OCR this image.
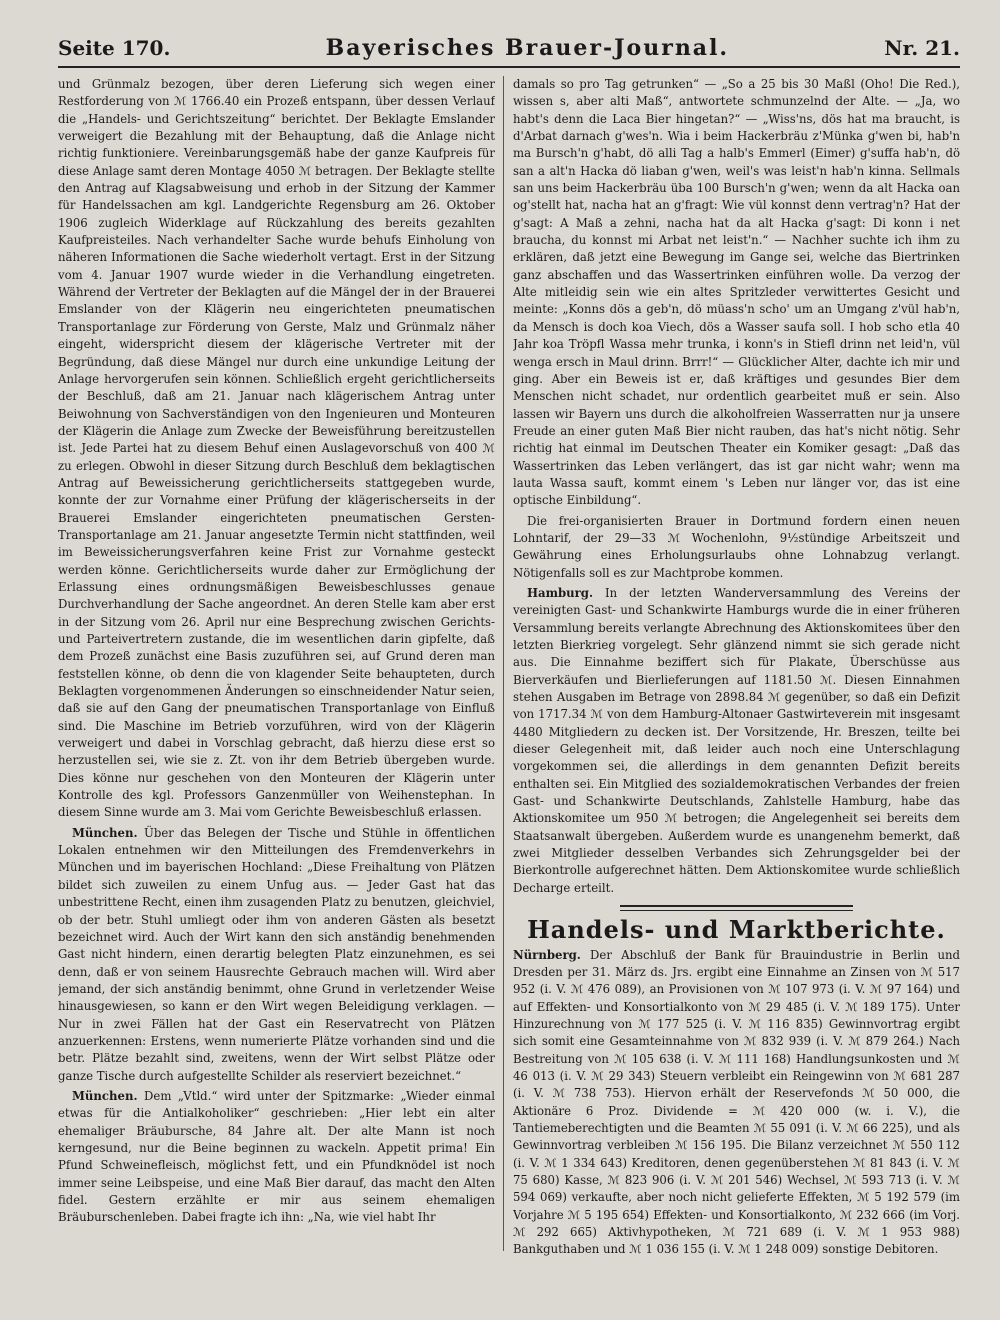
Seite 170.	Bayerisches Brauer-Journal.	Nr. 21.

und Grünmalz bezogen, über deren Lieferung sich wegen einer Restforderung von ℳ 1766.40 ein Prozeß entspann, über dessen Verlauf die „Handels- und Gerichtszeitung“ berichtet. Der Beklagte Emslander verweigert die Bezahlung mit der Behauptung, daß die Anlage nicht richtig funktioniere. Vereinbarungsgemäß habe der ganze Kaufpreis für diese Anlage samt deren Montage 4050 ℳ betragen. Der Beklagte stellte den Antrag auf Klagsabweisung und erhob in der Sitzung der Kammer für Handelssachen am kgl. Landgerichte Regensburg am 26. Oktober 1906 zugleich Widerklage auf Rückzahlung des bereits gezahlten Kaufpreisteiles. Nach verhandelter Sache wurde behufs Einholung von näheren Informationen die Sache wiederholt vertagt. Erst in der Sitzung vom 4. Januar 1907 wurde wieder in die Verhandlung eingetreten. Während der Vertreter der Beklagten auf die Mängel der in der Brauerei Emslander von der Klägerin neu eingerichteten pneumatischen Transportanlage zur Förderung von Gerste, Malz und Grünmalz näher eingeht, widerspricht diesem der klägerische Vertreter mit der Begründung, daß diese Mängel nur durch eine unkundige Leitung der Anlage hervorgerufen sein können. Schließlich ergeht gerichtlicherseits der Beschluß, daß am 21. Januar nach klägerischem Antrag unter Beiwohnung von Sachverständigen von den Ingenieuren und Monteuren der Klägerin die Anlage zum Zwecke der Beweisführung bereitzustellen ist. Jede Partei hat zu diesem Behuf einen Auslagevorschuß von 400 ℳ zu erlegen. Obwohl in dieser Sitzung durch Beschluß dem beklagtischen Antrag auf Beweissicherung gerichtlicherseits stattgegeben wurde, konnte der zur Vornahme einer Prüfung der klägerischerseits in der Brauerei Emslander eingerichteten pneumatischen Gersten-Transportanlage am 21. Januar angesetzte Termin nicht stattfinden, weil im Beweissicherungsverfahren keine Frist zur Vornahme gesteckt werden könne. Gerichtlicherseits wurde daher zur Ermöglichung der Erlassung eines ordnungsmäßigen Beweisbeschlusses genaue Durchverhandlung der Sache angeordnet. An deren Stelle kam aber erst in der Sitzung vom 26. April nur eine Besprechung zwischen Gerichts- und Parteivertretern zustande, die im wesentlichen darin gipfelte, daß dem Prozeß zunächst eine Basis zuzuführen sei, auf Grund deren man feststellen könne, ob denn die von klagender Seite behaupteten, durch Beklagten vorgenommenen Änderungen so einschneidender Natur seien, daß sie auf den Gang der pneumatischen Transportanlage von Einfluß sind. Die Maschine im Betrieb vorzuführen, wird von der Klägerin verweigert und dabei in Vorschlag gebracht, daß hierzu diese erst so herzustellen sei, wie sie z. Zt. von ihr dem Betrieb übergeben wurde. Dies könne nur geschehen von den Monteuren der Klägerin unter Kontrolle des kgl. Professors Ganzenmüller von Weihenstephan. In diesem Sinne wurde am 3. Mai vom Gerichte Beweisbeschluß erlassen.

München. Über das Belegen der Tische und Stühle in öffentlichen Lokalen entnehmen wir den Mitteilungen des Fremdenverkehrs in München und im bayerischen Hochland: „Diese Freihaltung von Plätzen bildet sich zuweilen zu einem Unfug aus. — Jeder Gast hat das unbestrittene Recht, einen ihm zusagenden Platz zu benutzen, gleichviel, ob der betr. Stuhl umliegt oder ihm von anderen Gästen als besetzt bezeichnet wird. Auch der Wirt kann den sich anständig benehmenden Gast nicht hindern, einen derartig belegten Platz einzunehmen, es sei denn, daß er von seinem Hausrechte Gebrauch machen will. Wird aber jemand, der sich anständig benimmt, ohne Grund in verletzender Weise hinausgewiesen, so kann er den Wirt wegen Beleidigung verklagen. — Nur in zwei Fällen hat der Gast ein Reservatrecht von Plätzen anzuerkennen: Erstens, wenn numerierte Plätze vorhanden sind und die betr. Plätze bezahlt sind, zweitens, wenn der Wirt selbst Plätze oder ganze Tische durch aufgestellte Schilder als reserviert bezeichnet.“

München. Dem „Vtld.“ wird unter der Spitzmarke: „Wieder einmal etwas für die Antialkoholiker“ geschrieben: „Hier lebt ein alter ehemaliger Bräuburschе, 84 Jahre alt. Der alte Mann ist noch kerngesund, nur die Beine beginnen zu wackeln. Appetit prima! Ein Pfund Schweinefleisch, möglichst fett, und ein Pfundknödel ist noch immer seine Leibspeise, und eine Maß Bier darauf, das macht den Alten fidel. Gestern erzählte er mir aus seinem ehemaligen Bräuburschenleben. Dabei fragte ich ihn: „Na, wie viel habt Ihr

damals so pro Tag getrunken“ — „So a 25 bis 30 Maßl (Oho! Die Red.), wissen s, aber alti Maß“, antwortete schmunzelnd der Alte. — „Ja, wo habt's denn die Laca Bier hingetan?“ — „Wiss'ns, dös hat ma braucht, is d'Arbat darnach g'wes'n. Wia i beim Hackerbräu z'Münka g'wen bi, hab'n ma Bursch'n g'habt, dö alli Tag a halb's Emmerl (Eimer) g'suffa hab'n, dö san a alt'n Hacka dö liaban g'wen, weil's was leist'n hab'n kinna. Sellmals san uns beim Hackerbräu üba 100 Bursch'n g'wen; wenn da alt Hacka oan og'stellt hat, nacha hat an g'fragt: Wie vül konnst denn vertrag'n? Hat der g'sagt: A Maß a zehni, nacha hat da alt Hacka g'sagt: Di konn i net braucha, du konnst mi Arbat net leist'n.“ — Nachher suchte ich ihm zu erklären, daß jetzt eine Bewegung im Gange sei, welche das Biertrinken ganz abschaffen und das Wassertrinken einführen wolle. Da verzog der Alte mitleidig sein wie ein altes Spritzleder verwittertes Gesicht und meinte: „Konns dös a geb'n, dö müass'n scho' um an Umgang z'vül hab'n, da Mensch is doch koa Viech, dös a Wasser saufa soll. I hob scho etla 40 Jahr koa Tröpfl Wassa mehr trunka, i konn's in Stiefl drinn net leid'n, vül wenga ersch in Maul drinn. Brrr!“ — Glücklicher Alter, dachte ich mir und ging. Aber ein Beweis ist er, daß kräftiges und gesundes Bier dem Menschen nicht schadet, nur ordentlich gearbeitet muß er sein. Also lassen wir Bayern uns durch die alkoholfreien Wasserratten nur ja unsere Freude an einer guten Maß Bier nicht rauben, das hat's nicht nötig. Sehr richtig hat einmal im Deutschen Theater ein Komiker gesagt: „Daß das Wassertrinken das Leben verlängert, das ist gar nicht wahr; wenn ma lauta Wassa sauft, kommt einem 's Leben nur länger vor, das ist eine optische Einbildung“.

Die frei-organisierten Brauer in Dortmund fordern einen neuen Lohntarif, der 29—33 ℳ Wochenlohn, 9½stündige Arbeitszeit und Gewährung eines Erholungsurlaubs ohne Lohnabzug verlangt. Nötigenfalls soll es zur Machtprobe kommen.

Hamburg. In der letzten Wanderversammlung des Vereins der vereinigten Gast- und Schankwirte Hamburgs wurde die in einer früheren Versammlung bereits verlangte Abrechnung des Aktionskomitees über den letzten Bierkrieg vorgelegt. Sehr glänzend nimmt sie sich gerade nicht aus. Die Einnahme beziffert sich für Plakate, Überschüsse aus Bierverkäufen und Bierlieferungen auf 1181.50 ℳ. Diesen Einnahmen stehen Ausgaben im Betrage von 2898.84 ℳ gegenüber, so daß ein Defizit von 1717.34 ℳ von dem Hamburg-Altonaer Gastwirteverein mit insgesamt 4480 Mitgliedern zu decken ist. Der Vorsitzende, Hr. Breszen, teilte bei dieser Gelegenheit mit, daß leider auch noch eine Unterschlagung vorgekommen sei, die allerdings in dem genannten Defizit bereits enthalten sei. Ein Mitglied des sozialdemokratischen Verbandes der freien Gast- und Schankwirte Deutschlands, Zahlstelle Hamburg, habe das Aktionskomitee um 950 ℳ betrogen; die Angelegenheit sei bereits dem Staatsanwalt übergeben. Außerdem wurde es unangenehm bemerkt, daß zwei Mitglieder desselben Verbandes sich Zehrungsgelder bei der Bierkontrolle aufgerechnet hätten. Dem Aktionskomitee wurde schließlich Decharge erteilt.

Handels- und Marktberichte.

Nürnberg. Der Abschluß der Bank für Brauindustrie in Berlin und Dresden per 31. März ds. Jrs. ergibt eine Einnahme an Zinsen von ℳ 517 952 (i. V. ℳ 476 089), an Provisionen von ℳ 107 973 (i. V. ℳ 97 164) und auf Effekten- und Konsortialkonto von ℳ 29 485 (i. V. ℳ 189 175). Unter Hinzurechnung von ℳ 177 525 (i. V. ℳ 116 835) Gewinnvortrag ergibt sich somit eine Gesamteinnahme von ℳ 832 939 (i. V. ℳ 879 264.) Nach Bestreitung von ℳ 105 638 (i. V. ℳ 111 168) Handlungsunkosten und ℳ 46 013 (i. V. ℳ 29 343) Steuern verbleibt ein Reingewinn von ℳ 681 287 (i. V. ℳ 738 753). Hiervon erhält der Reservefonds ℳ 50 000, die Aktionäre 6 Proz. Dividende = ℳ 420 000 (w. i. V.), die Tantiemeberechtigten und die Beamten ℳ 55 091 (i. V. ℳ 66 225), und als Gewinnvortrag verbleiben ℳ 156 195. Die Bilanz verzeichnet ℳ 550 112 (i. V. ℳ 1 334 643) Kreditoren, denen gegenüberstehen ℳ 81 843 (i. V. ℳ 75 680) Kasse, ℳ 823 906 (i. V. ℳ 201 546) Wechsel, ℳ 593 713 (i. V. ℳ 594 069) verkaufte, aber noch nicht gelieferte Effekten, ℳ 5 192 579 (im Vorjahre ℳ 5 195 654) Effekten- und Konsortialkonto, ℳ 232 666 (im Vorj. ℳ 292 665) Aktivhypotheken, ℳ 721 689 (i. V. ℳ 1 953 988) Bankguthaben und ℳ 1 036 155 (i. V. ℳ 1 248 009) sonstige Debitoren.
